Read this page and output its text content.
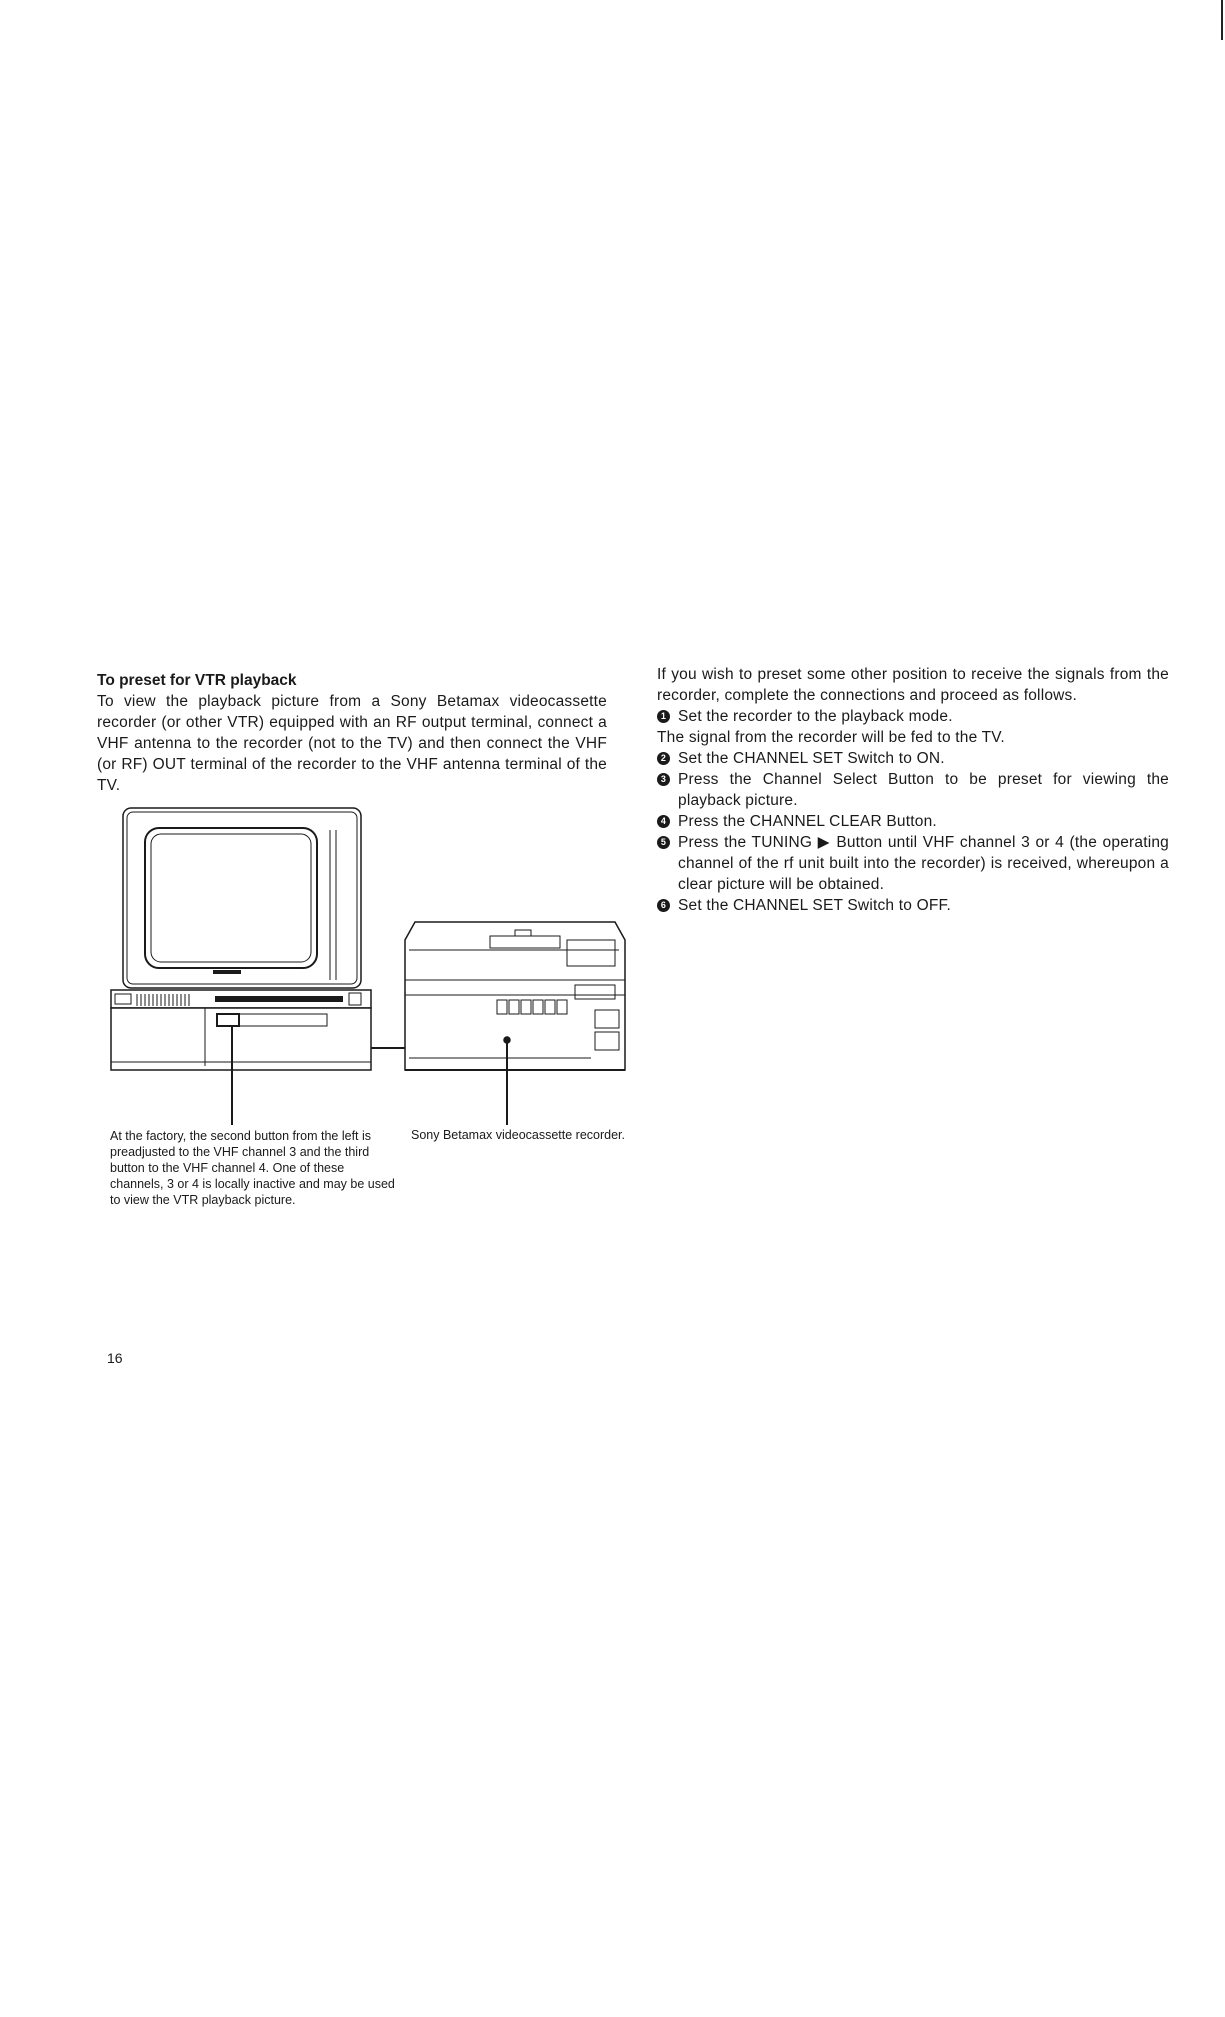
To preset for VTR playback

To view the playback picture from a Sony Betamax videocassette recorder (or other VTR) equipped with an RF output terminal, connect a VHF antenna to the recorder (not to the TV) and then connect the VHF (or RF) OUT terminal of the recorder to the VHF antenna terminal of the TV.

At the factory, the second button from the left is preadjusted to the VHF channel 3 and the third button to the VHF channel 4. One of these channels, 3 or 4 is locally inactive and may be used to view the VTR playback picture.
Sony Betamax videocassette recorder.

If you wish to preset some other position to receive the signals from the recorder, complete the connections and proceed as follows.

1 Set the recorder to the playback mode.

The signal from the recorder will be fed to the TV.

2 Set the CHANNEL SET Switch to ON.
3 Press the Channel Select Button to be preset for viewing the playback picture.
4 Press the CHANNEL CLEAR Button.
5 Press the TUNING ▶ Button until VHF channel 3 or 4 (the operating channel of the rf unit built into the recorder) is received, whereupon a clear picture will be obtained.
6 Set the CHANNEL SET Switch to OFF.
16
